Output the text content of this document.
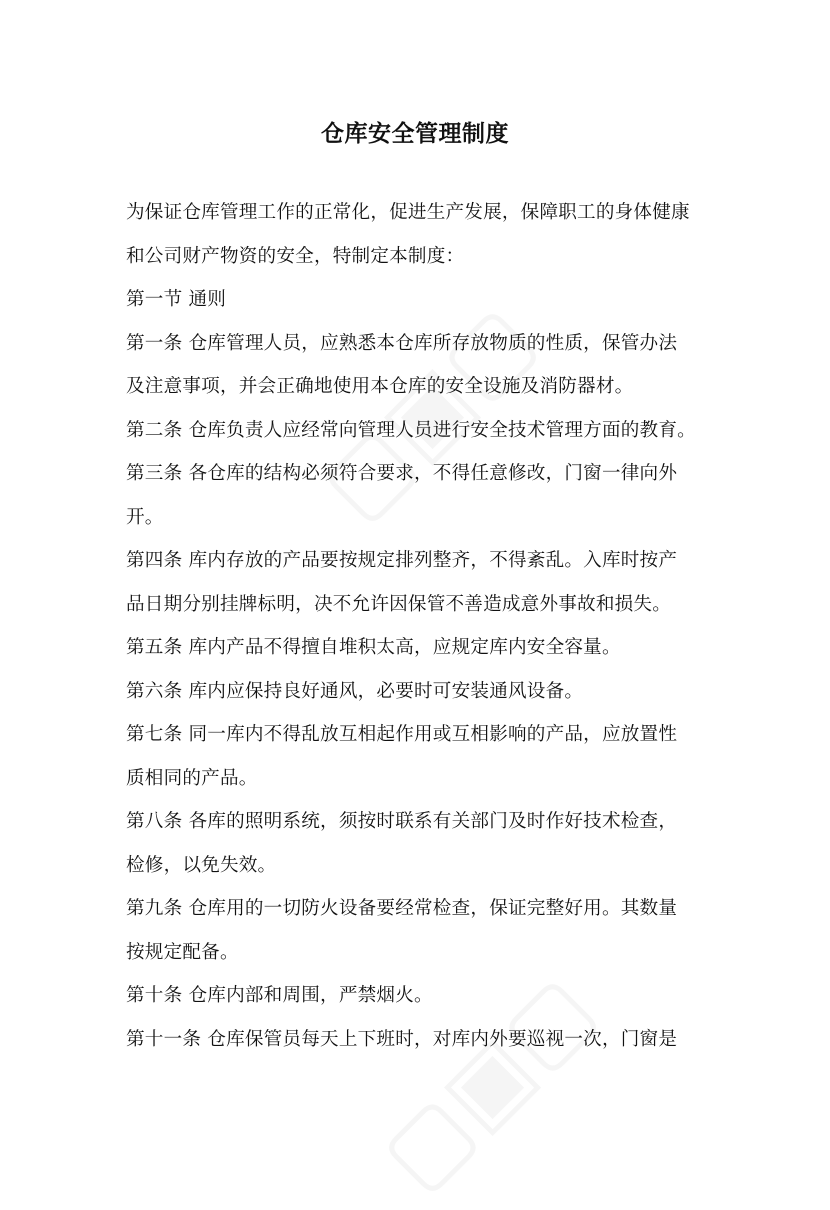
仓库安全管理制度
为保证仓库管理工作的正常化，促进生产发展，保障职工的身体健康
和公司财产物资的安全，特制定本制度：
第一节 通则
第一条 仓库管理人员，应熟悉本仓库所存放物质的性质，保管办法
及注意事项，并会正确地使用本仓库的安全设施及消防器材。
第二条 仓库负责人应经常向管理人员进行安全技术管理方面的教育。
第三条 各仓库的结构必须符合要求，不得任意修改，门窗一律向外
开。
第四条 库内存放的产品要按规定排列整齐，不得紊乱。入库时按产
品日期分别挂牌标明，决不允许因保管不善造成意外事故和损失。
第五条 库内产品不得擅自堆积太高，应规定库内安全容量。
第六条 库内应保持良好通风，必要时可安装通风设备。
第七条 同一库内不得乱放互相起作用或互相影响的产品，应放置性
质相同的产品。
第八条 各库的照明系统，须按时联系有关部门及时作好技术检查，
检修，以免失效。
第九条 仓库用的一切防火设备要经常检查，保证完整好用。其数量
按规定配备。
第十条 仓库内部和周围，严禁烟火。
第十一条 仓库保管员每天上下班时，对库内外要巡视一次，门窗是
